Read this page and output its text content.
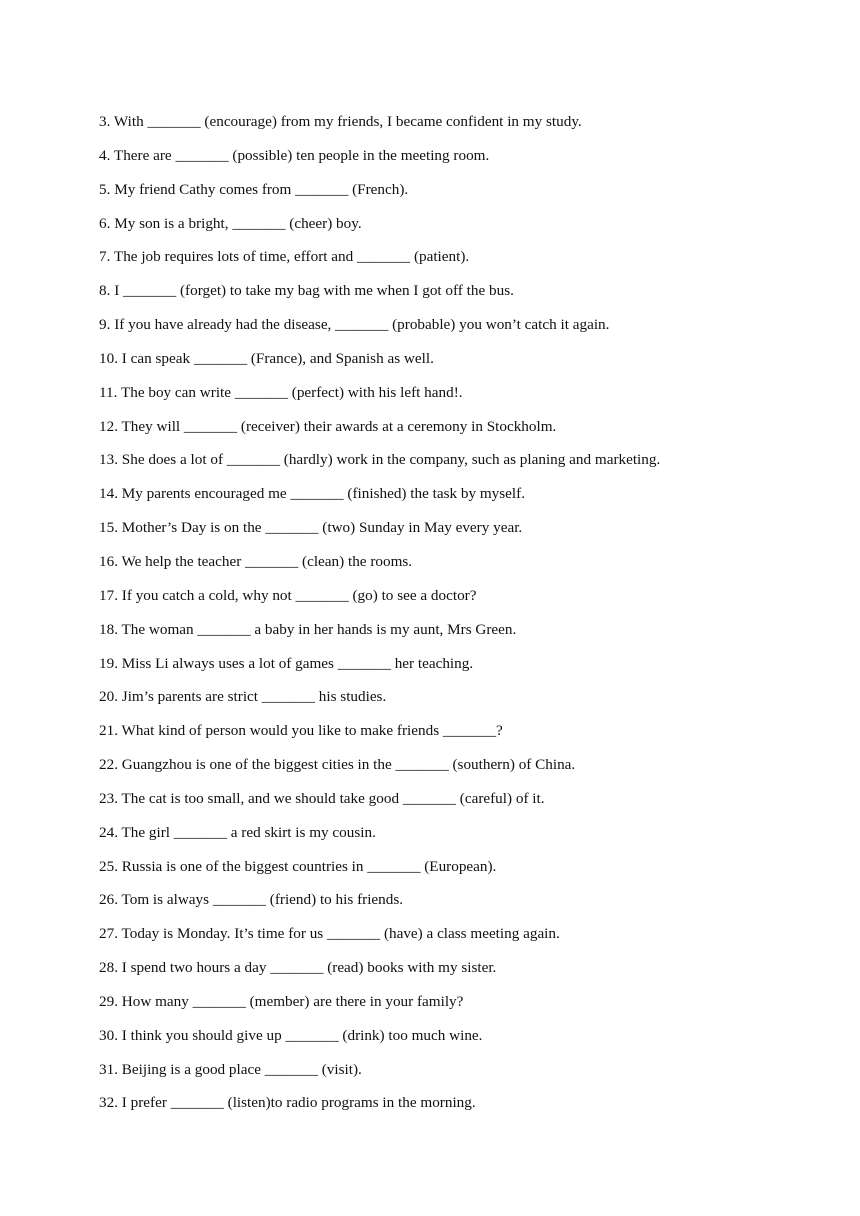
3. With _______ (encourage) from my friends, I became confident in my study.
4. There are _______ (possible) ten people in the meeting room.
5. My friend Cathy comes from _______ (French).
6. My son is a bright, _______ (cheer) boy.
7. The job requires lots of time, effort and _______ (patient).
8. I _______ (forget) to take my bag with me when I got off the bus.
9. If you have already had the disease, _______ (probable) you won’t catch it again.
10. I can speak _______ (France), and Spanish as well.
11. The boy can write _______ (perfect) with his left hand!.
12. They will _______ (receiver) their awards at a ceremony in Stockholm.
13. She does a lot of _______ (hardly) work in the company, such as planing and marketing.
14. My parents encouraged me _______ (finished) the task by myself.
15. Mother’s Day is on the _______ (two) Sunday in May every year.
16. We help the teacher _______ (clean) the rooms.
17. If you catch a cold, why not _______ (go) to see a doctor?
18. The woman _______ a baby in her hands is my aunt, Mrs Green.
19. Miss Li always uses a lot of games _______ her teaching.
20. Jim’s parents are strict _______ his studies.
21. What kind of person would you like to make friends _______?
22. Guangzhou is one of the biggest cities in the _______ (southern) of China.
23. The cat is too small, and we should take good _______ (careful) of it.
24. The girl _______ a red skirt is my cousin.
25. Russia is one of the biggest countries in _______ (European).
26. Tom is always _______ (friend) to his friends.
27. Today is Monday. It’s time for us _______ (have) a class meeting again.
28. I spend two hours a day _______ (read) books with my sister.
29. How many _______ (member) are there in your family?
30. I think you should give up _______ (drink) too much wine.
31. Beijing is a good place _______ (visit).
32. I prefer _______ (listen)to radio programs in the morning.
